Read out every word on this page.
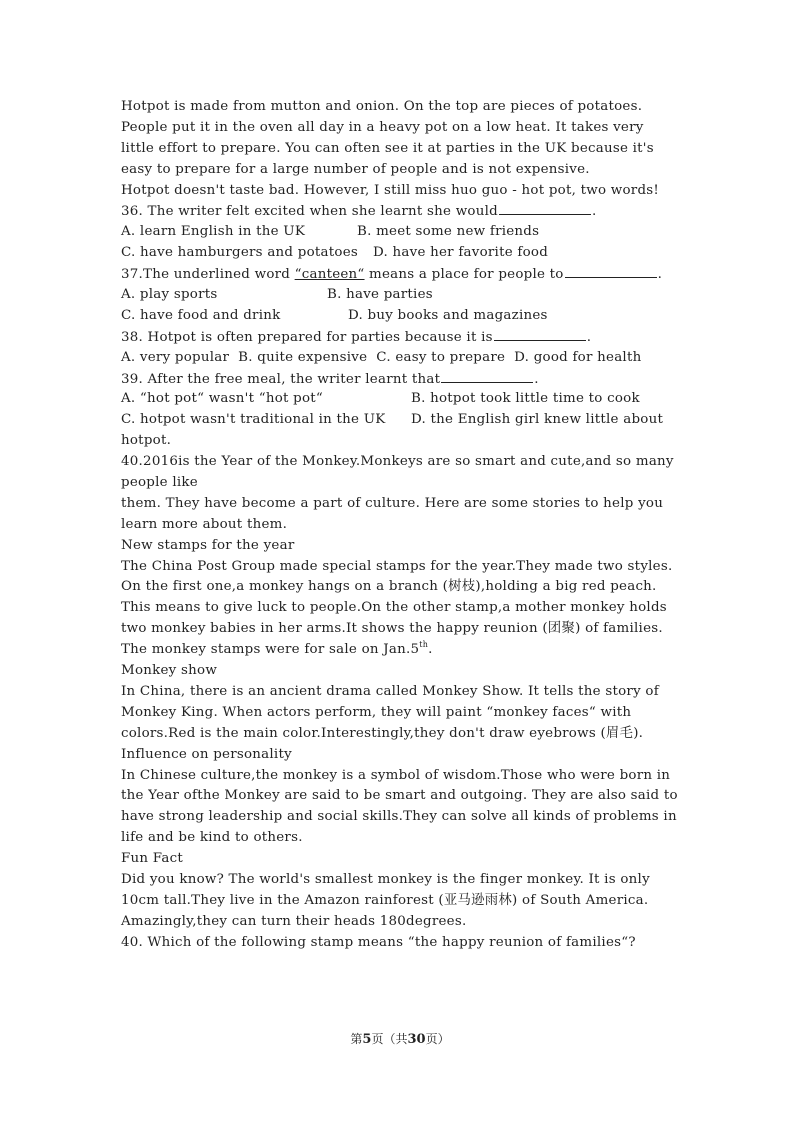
Hotpot is made from mutton and onion. On the top are pieces of potatoes.
People put it in the oven all day in a heavy pot on a low heat. It takes very
little effort to prepare. You can often see it at parties in the UK because it's
easy to prepare for a large number of people and is not expensive.
Hotpot doesn't taste bad. However, I still miss huo guo - hot pot, two words!
36. The writer felt excited when she learnt she would	.
A. learn English in the UK	B. meet some new friends
C. have hamburgers and potatoes D. have her favorite food
37.The underlined word “canteen“ means a place for people to	.
A. play sports	B. have parties
C. have food and drink	D. buy books and magazines
38. Hotpot is often prepared for parties because it is	.
A. very popular  B. quite expensive  C. easy to prepare  D. good for health
39. After the free meal, the writer learnt that	.
A. “hot pot“ wasn't “hot pot“	B. hotpot took little time to cook
C. hotpot wasn't traditional in the UK D. the English girl knew little about
hotpot.
40.2016is the Year of the Monkey.Monkeys are so smart and cute,and so many
people like
them. They have become a part of culture. Here are some stories to help you
learn more about them.
New stamps for the year
The China Post Group made special stamps for the year.They made two styles.
On the first one,a monkey hangs on a branch (树枝),holding a big red peach.
This means to give luck to people.On the other stamp,a mother monkey holds
two monkey babies in her arms.It shows the happy reunion (团聚) of families.
The monkey stamps were for sale on Jan.5th.
Monkey show
In China, there is an ancient drama called Monkey Show. It tells the story of
Monkey King. When actors perform, they will paint “monkey faces“ with
colors.Red is the main color.Interestingly,they don't draw eyebrows (眉毛).
Influence on personality
In Chinese culture,the monkey is a symbol of wisdom.Those who were born in
the Year ofthe Monkey are said to be smart and outgoing. They are also said to
have strong leadership and social skills.They can solve all kinds of problems in
life and be kind to others.
Fun Fact
Did you know? The world's smallest monkey is the finger monkey. It is only
10cm tall.They live in the Amazon rainforest (亚马逊雨林) of South America.
Amazingly,they can turn their heads 180degrees.
40. Which of the following stamp means “the happy reunion of families“?
第5页（共30页）
